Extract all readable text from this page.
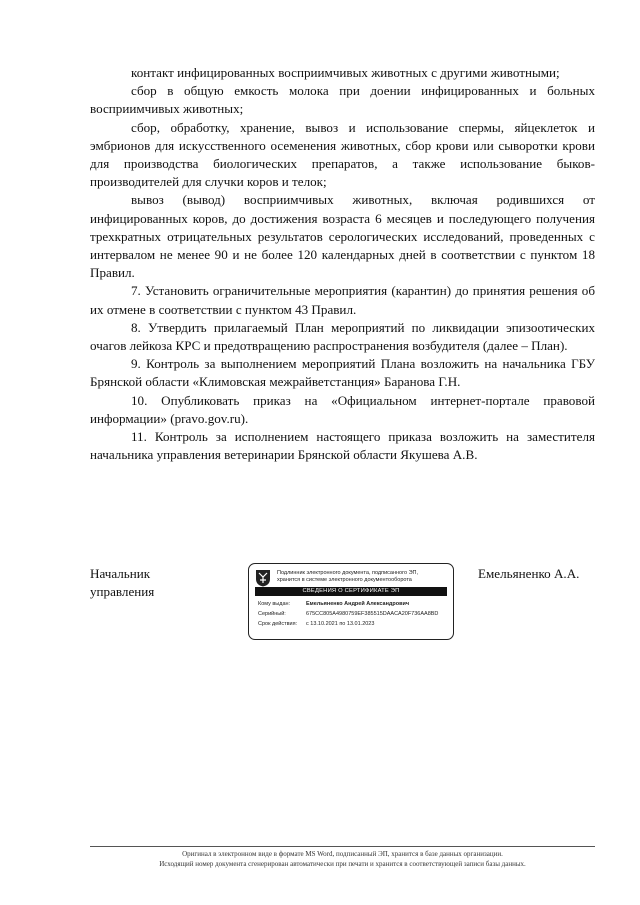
контакт инфицированных восприимчивых животных с другими животными;

сбор в общую емкость молока при доении инфицированных и больных восприимчивых животных;

сбор, обработку, хранение, вывоз и использование спермы, яйцеклеток и эмбрионов для искусственного осеменения животных, сбор крови или сыворотки крови для производства биологических препаратов, а также использование быков-производителей для случки коров и телок;

вывоз (вывод) восприимчивых животных, включая родившихся от инфицированных коров, до достижения возраста 6 месяцев и последующего получения трехкратных отрицательных результатов серологических исследований, проведенных с интервалом не менее 90 и не более 120 календарных дней в соответствии с пунктом 18 Правил.

7. Установить ограничительные мероприятия (карантин) до принятия решения об их отмене в соответствии с пунктом 43 Правил.

8. Утвердить прилагаемый План мероприятий по ликвидации эпизоотических очагов лейкоза КРС и предотвращению распространения возбудителя (далее – План).

9. Контроль за выполнением мероприятий Плана возложить на начальника ГБУ Брянской области «Климовская межрайветстанция» Баранова Г.Н.

10. Опубликовать приказ на «Официальном интернет-портале правовой информации» (pravo.gov.ru).

11. Контроль за исполнением настоящего приказа возложить на заместителя начальника управления ветеринарии Брянской области Якушева А.В.

Начальник
управления
Подлинник электронного документа, подписанного ЭП,
хранится в системе электронного документооборота
СВЕДЕНИЯ О СЕРТИФИКАТЕ ЭП
Кому выдан:	Емельяненко Андрей Александрович
Серийный:	675CC805A4980759EF385515DAACA20F736AA8BD
Срок действия: с 13.10.2021 по 13.01.2023
Емельяненко А.А.
Оригинал в электронном виде в формате MS Word, подписанный ЭП, хранится в базе данных организации.
Исходящий номер документа сгенерирован автоматически при печати и хранится в соответствующей записи базы данных.
